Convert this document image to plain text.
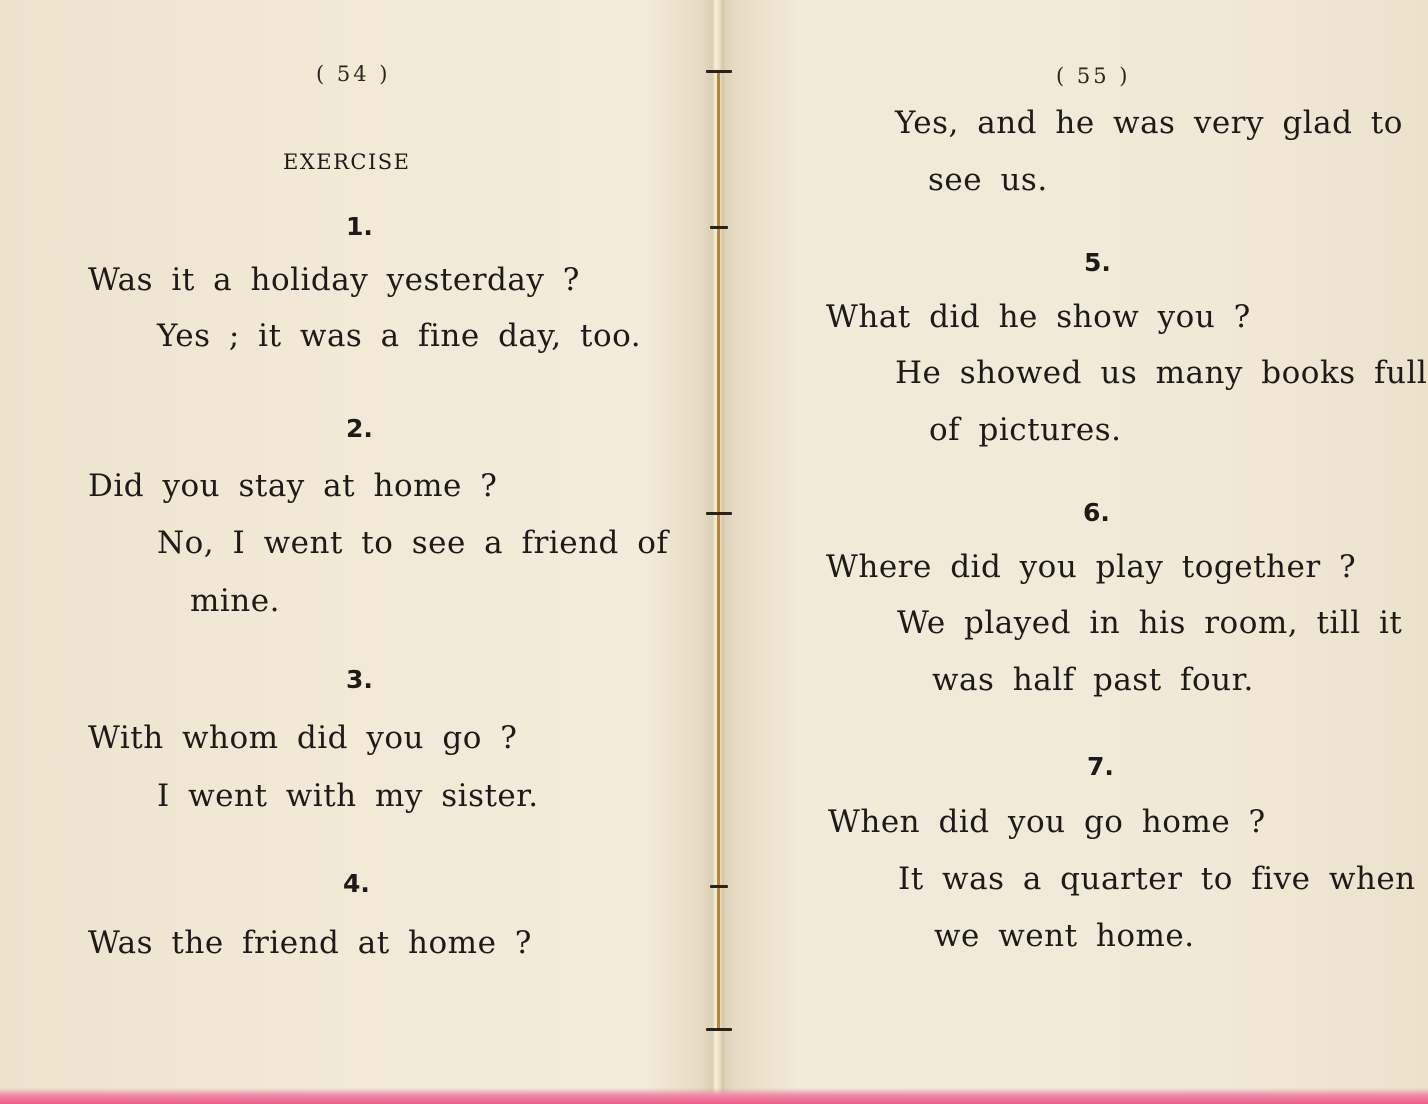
( 54 )

EXERCISE

1.

Was it a holiday yesterday ?

Yes ; it was a fine day, too.

2.

Did you stay at home ?

No, I went to see a friend of

mine.

3.

With whom did you go ?

I went with my sister.

4.

Was the friend at home ?

( 55 )

Yes, and he was very glad to

see us.

5.

What did he show you ?

He showed us many books full

of pictures.

6.

Where did you play together ?

We played in his room, till it

was half past four.

7.

When did you go home ?

It was a quarter to five when

we went home.
